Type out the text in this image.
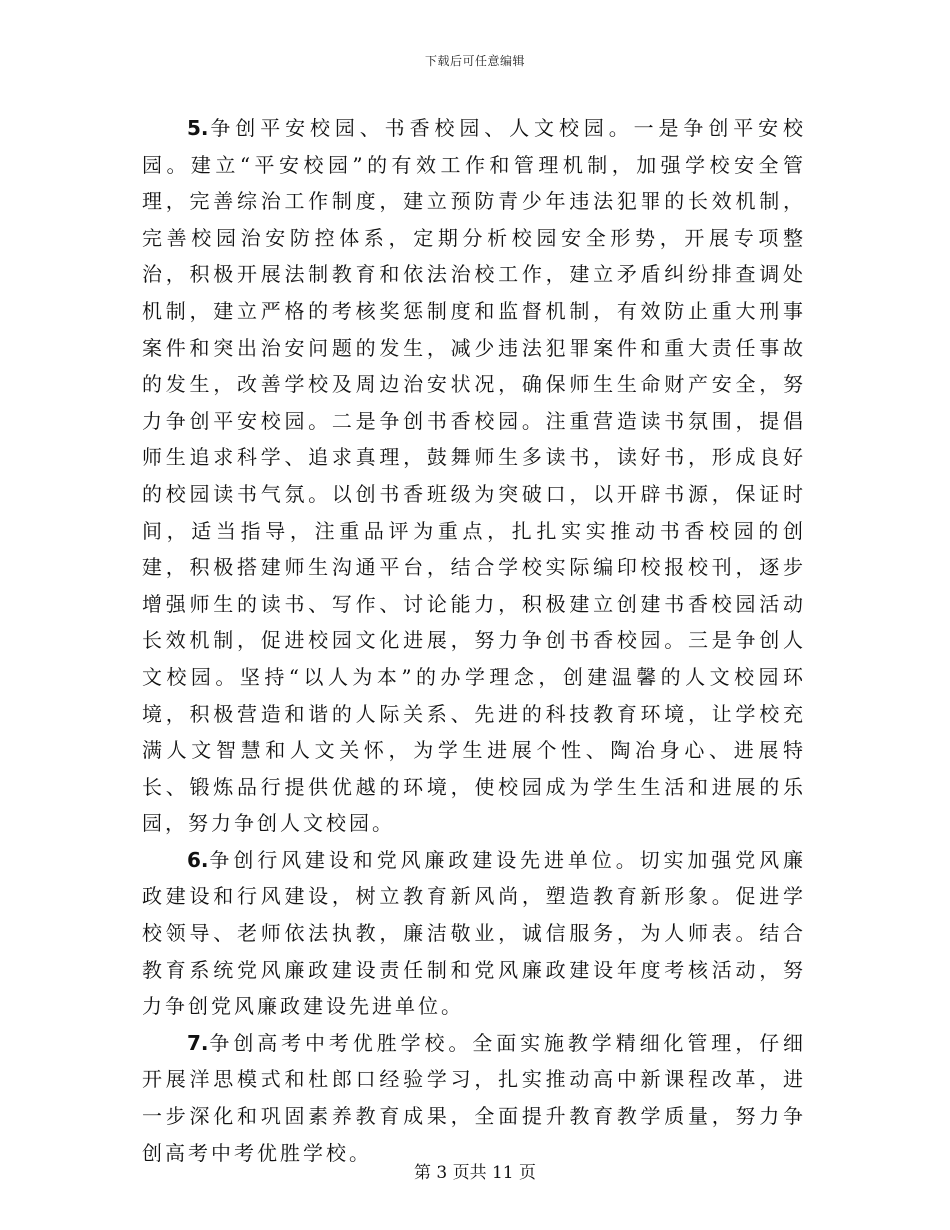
下载后可任意编辑

5.争创平安校园、书香校园、人文校园。一是争创平安校园。建立“平安校园”的有效工作和管理机制，加强学校安全管理，完善综治工作制度，建立预防青少年违法犯罪的长效机制，完善校园治安防控体系，定期分析校园安全形势，开展专项整治，积极开展法制教育和依法治校工作，建立矛盾纠纷排查调处机制，建立严格的考核奖惩制度和监督机制，有效防止重大刑事案件和突出治安问题的发生，减少违法犯罪案件和重大责任事故的发生，改善学校及周边治安状况，确保师生生命财产安全，努力争创平安校园。二是争创书香校园。注重营造读书氛围，提倡师生追求科学、追求真理，鼓舞师生多读书，读好书，形成良好的校园读书气氛。以创书香班级为突破口，以开辟书源，保证时间，适当指导，注重品评为重点，扎扎实实推动书香校园的创建，积极搭建师生沟通平台，结合学校实际编印校报校刊，逐步增强师生的读书、写作、讨论能力，积极建立创建书香校园活动长效机制，促进校园文化进展，努力争创书香校园。三是争创人文校园。坚持“以人为本”的办学理念，创建温馨的人文校园环境，积极营造和谐的人际关系、先进的科技教育环境，让学校充满人文智慧和人文关怀，为学生进展个性、陶冶身心、进展特长、锻炼品行提供优越的环境，使校园成为学生生活和进展的乐园，努力争创人文校园。

6.争创行风建设和党风廉政建设先进单位。切实加强党风廉政建设和行风建设，树立教育新风尚，塑造教育新形象。促进学校领导、老师依法执教，廉洁敬业，诚信服务，为人师表。结合教育系统党风廉政建设责任制和党风廉政建设年度考核活动，努力争创党风廉政建设先进单位。

7.争创高考中考优胜学校。全面实施教学精细化管理，仔细开展洋思模式和杜郎口经验学习，扎实推动高中新课程改革，进一步深化和巩固素养教育成果，全面提升教育教学质量，努力争创高考中考优胜学校。

第 3 页共 11 页
